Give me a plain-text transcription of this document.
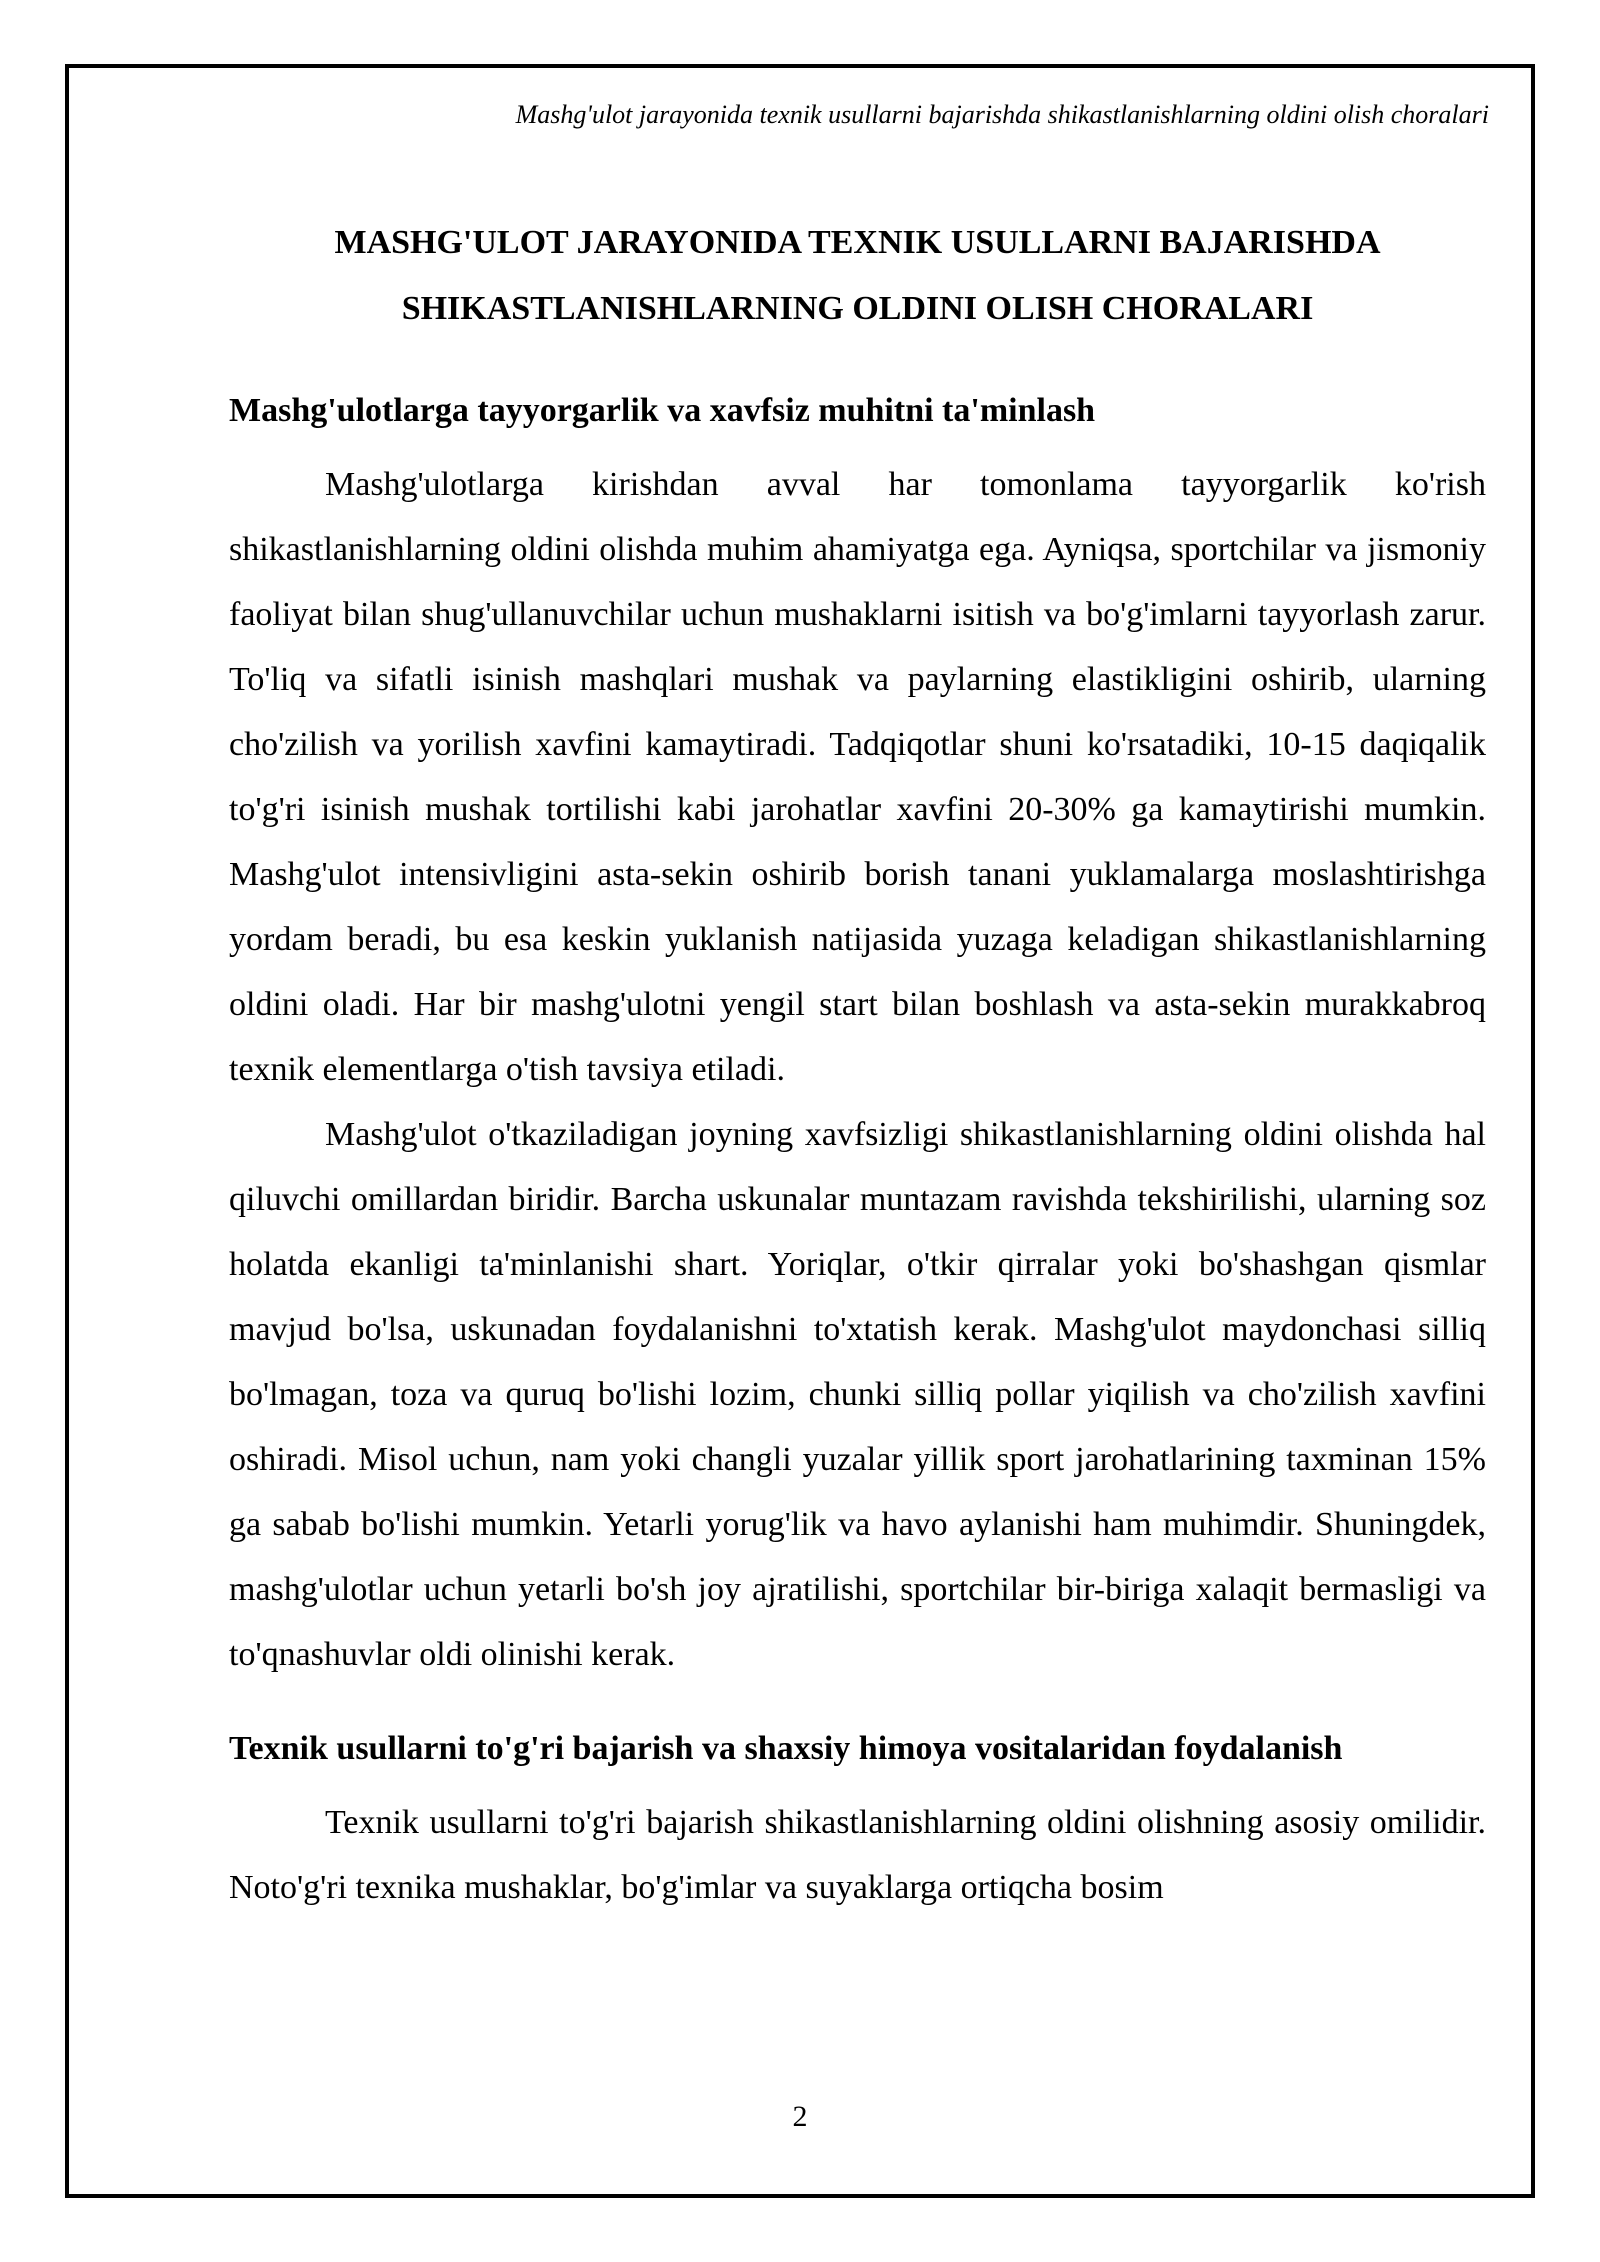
Mashg'ulot jarayonida texnik usullarni bajarishda shikastlanishlarning oldini olish choralari
MASHG'ULOT JARAYONIDA TEXNIK USULLARNI BAJARISHDA
SHIKASTLANISHLARNING OLDINI OLISH CHORALARI
Mashg'ulotlarga tayyorgarlik va xavfsiz muhitni ta'minlash

Mashg'ulotlarga kirishdan avval har tomonlama tayyorgarlik ko'rish shikastlanishlarning oldini olishda muhim ahamiyatga ega. Ayniqsa, sportchilar va jismoniy faoliyat bilan shug'ullanuvchilar uchun mushaklarni isitish va bo'g'imlarni tayyorlash zarur. To'liq va sifatli isinish mashqlari mushak va paylarning elastikligini oshirib, ularning cho'zilish va yorilish xavfini kamaytiradi. Tadqiqotlar shuni ko'rsatadiki, 10-15 daqiqalik to'g'ri isinish mushak tortilishi kabi jarohatlar xavfini 20-30% ga kamaytirishi mumkin. Mashg'ulot intensivligini asta-sekin oshirib borish tanani yuklamalarga moslashtirishga yordam beradi, bu esa keskin yuklanish natijasida yuzaga keladigan shikastlanishlarning oldini oladi. Har bir mashg'ulotni yengil start bilan boshlash va asta-sekin murakkabroq texnik elementlarga o'tish tavsiya etiladi.

Mashg'ulot o'tkaziladigan joyning xavfsizligi shikastlanishlarning oldini olishda hal qiluvchi omillardan biridir. Barcha uskunalar muntazam ravishda tekshirilishi, ularning soz holatda ekanligi ta'minlanishi shart. Yoriqlar, o'tkir qirralar yoki bo'shashgan qismlar mavjud bo'lsa, uskunadan foydalanishni to'xtatish kerak. Mashg'ulot maydonchasi silliq bo'lmagan, toza va quruq bo'lishi lozim, chunki silliq pollar yiqilish va cho'zilish xavfini oshiradi. Misol uchun, nam yoki changli yuzalar yillik sport jarohatlarining taxminan 15% ga sabab bo'lishi mumkin. Yetarli yorug'lik va havo aylanishi ham muhimdir. Shuningdek, mashg'ulotlar uchun yetarli bo'sh joy ajratilishi, sportchilar bir-biriga xalaqit bermasligi va to'qnashuvlar oldi olinishi kerak.

Texnik usullarni to'g'ri bajarish va shaxsiy himoya vositalaridan foydalanish

Texnik usullarni to'g'ri bajarish shikastlanishlarning oldini olishning asosiy omilidir. Noto'g'ri texnika mushaklar, bo'g'imlar va suyaklarga ortiqcha bosim

2
